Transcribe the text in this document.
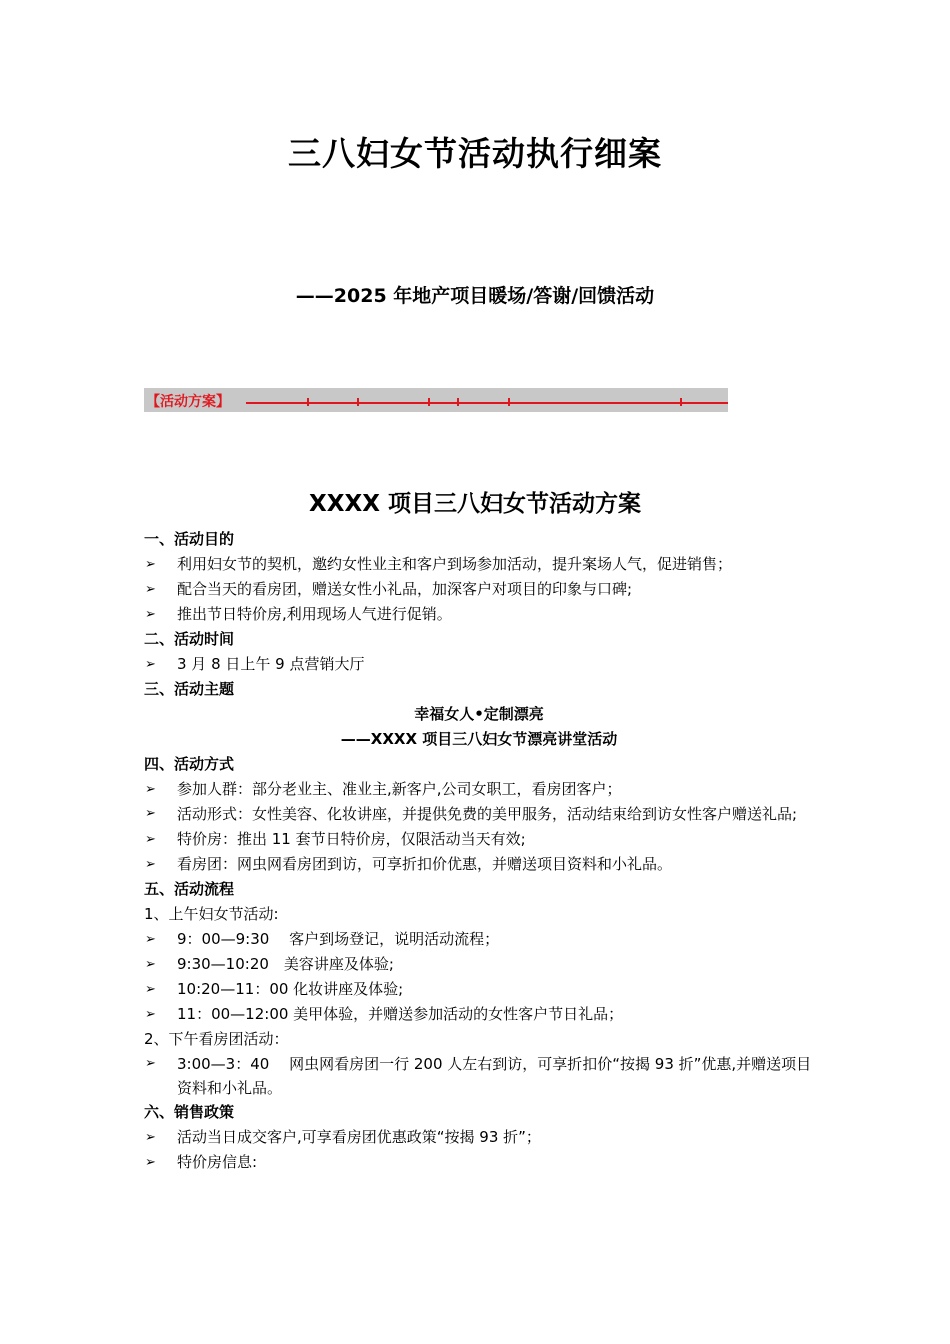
三八妇女节活动执行细案
——2025 年地产项目暖场/答谢/回馈活动
【活动方案】
XXXX 项目三八妇女节活动方案
一、活动目的
➢ 利用妇女节的契机，邀约女性业主和客户到场参加活动，提升案场人气，促进销售；
➢ 配合当天的看房团，赠送女性小礼品，加深客户对项目的印象与口碑;
➢ 推出节日特价房,利用现场人气进行促销。
二、活动时间
➢ 3 月 8 日上午 9 点营销大厅
三、活动主题
幸福女人•定制漂亮
——XXXX 项目三八妇女节漂亮讲堂活动
四、活动方式
➢ 参加人群：部分老业主、准业主,新客户,公司女职工，看房团客户；
➢ 活动形式：女性美容、化妆讲座，并提供免费的美甲服务，活动结束给到访女性客户赠送礼品;
➢ 特价房：推出 11 套节日特价房，仅限活动当天有效;
➢ 看房团：网虫网看房团到访，可享折扣价优惠，并赠送项目资料和小礼品。
五、活动流程
1、上午妇女节活动:
➢ 9：00—9:30　 客户到场登记，说明活动流程；
➢ 9:30—10:20　美容讲座及体验;
➢ 10:20—11：00 化妆讲座及体验;
➢ 11：00—12:00 美甲体验，并赠送参加活动的女性客户节日礼品；
2、下午看房团活动：
➢ 3:00—3：40 　网虫网看房团一行 200 人左右到访，可享折扣价“按揭 93 折”优惠,并赠送项目资料和小礼品。
六、销售政策
➢ 活动当日成交客户,可享看房团优惠政策“按揭 93 折”；
➢ 特价房信息:
